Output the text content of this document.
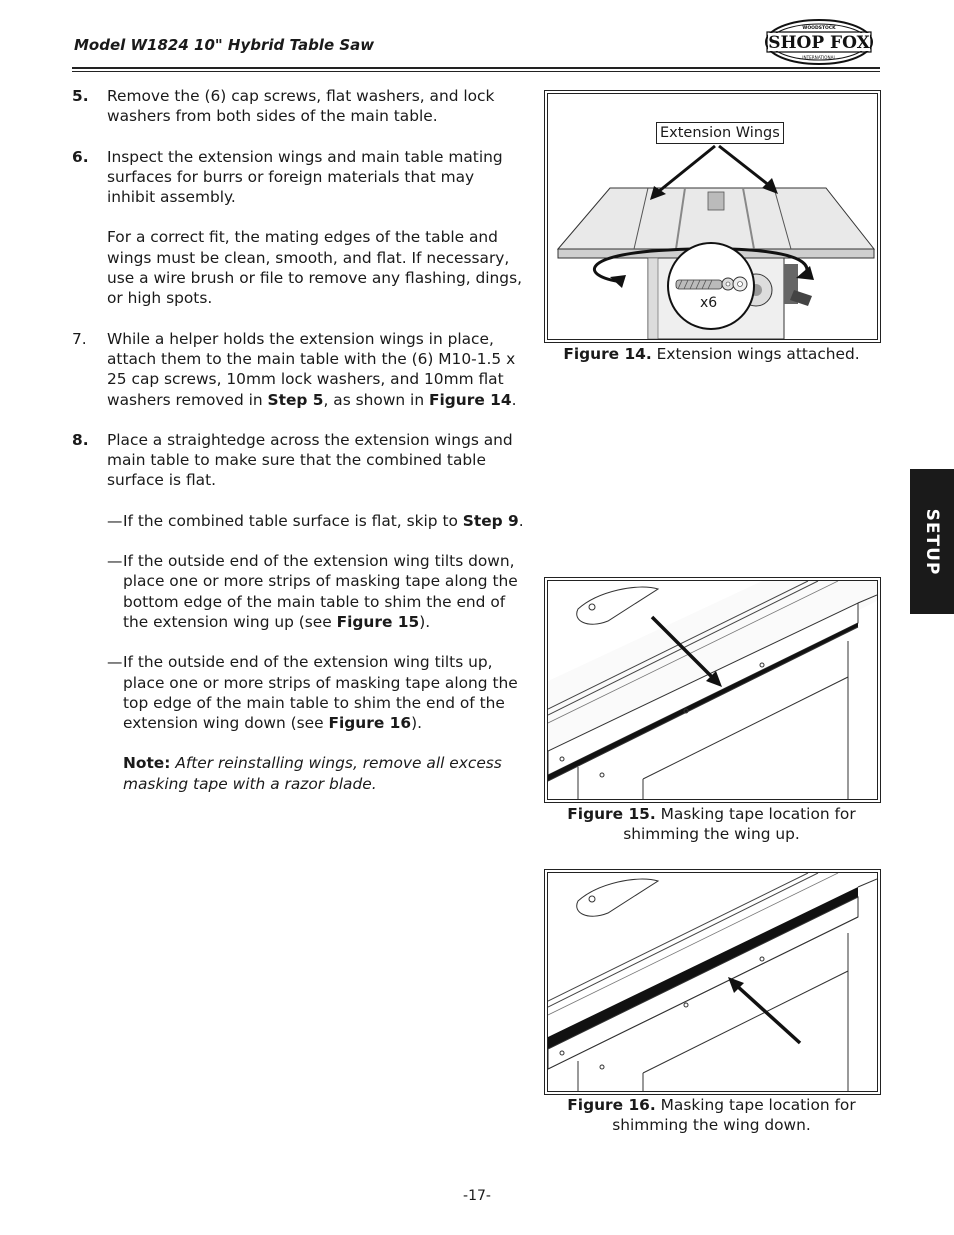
Model W1824 10" Hybrid Table Saw	SHOP FOX
WOODSTOCK
INTERNATIONAL
5. Remove the (6) cap screws, flat washers, and lock washers from both sides of the main table.

6. Inspect the extension wings and main table mating surfaces for burrs or foreign materials that may inhibit assembly.

For a correct fit, the mating edges of the table and wings must be clean, smooth, and flat. If necessary, use a wire brush or file to remove any flashing, dings, or high spots.

7. While a helper holds the extension wings in place, attach them to the main table with the (6) M10-1.5 x 25 cap screws, 10mm lock washers, and 10mm flat washers removed in Step 5, as shown in Figure 14.

8. Place a straightedge across the extension wings and main table to make sure that the combined table surface is flat.

— If the combined table surface is flat, skip to Step 9.
— If the outside end of the extension wing tilts down, place one or more strips of masking tape along the bottom edge of the main table to shim the end of the extension wing up (see Figure 15).
— If the outside end of the extension wing tilts up, place one or more strips of masking tape along the top edge of the main table to shim the end of the extension wing down (see Figure 16).

Note: After reinstalling wings, remove all excess masking tape with a razor blade.

Extension Wings
x6
Figure 14. Extension wings attached.
Figure 15. Masking tape location for
shimming the wing up.
Figure 16. Masking tape location for
shimming the wing down.
SETUP
-17-
